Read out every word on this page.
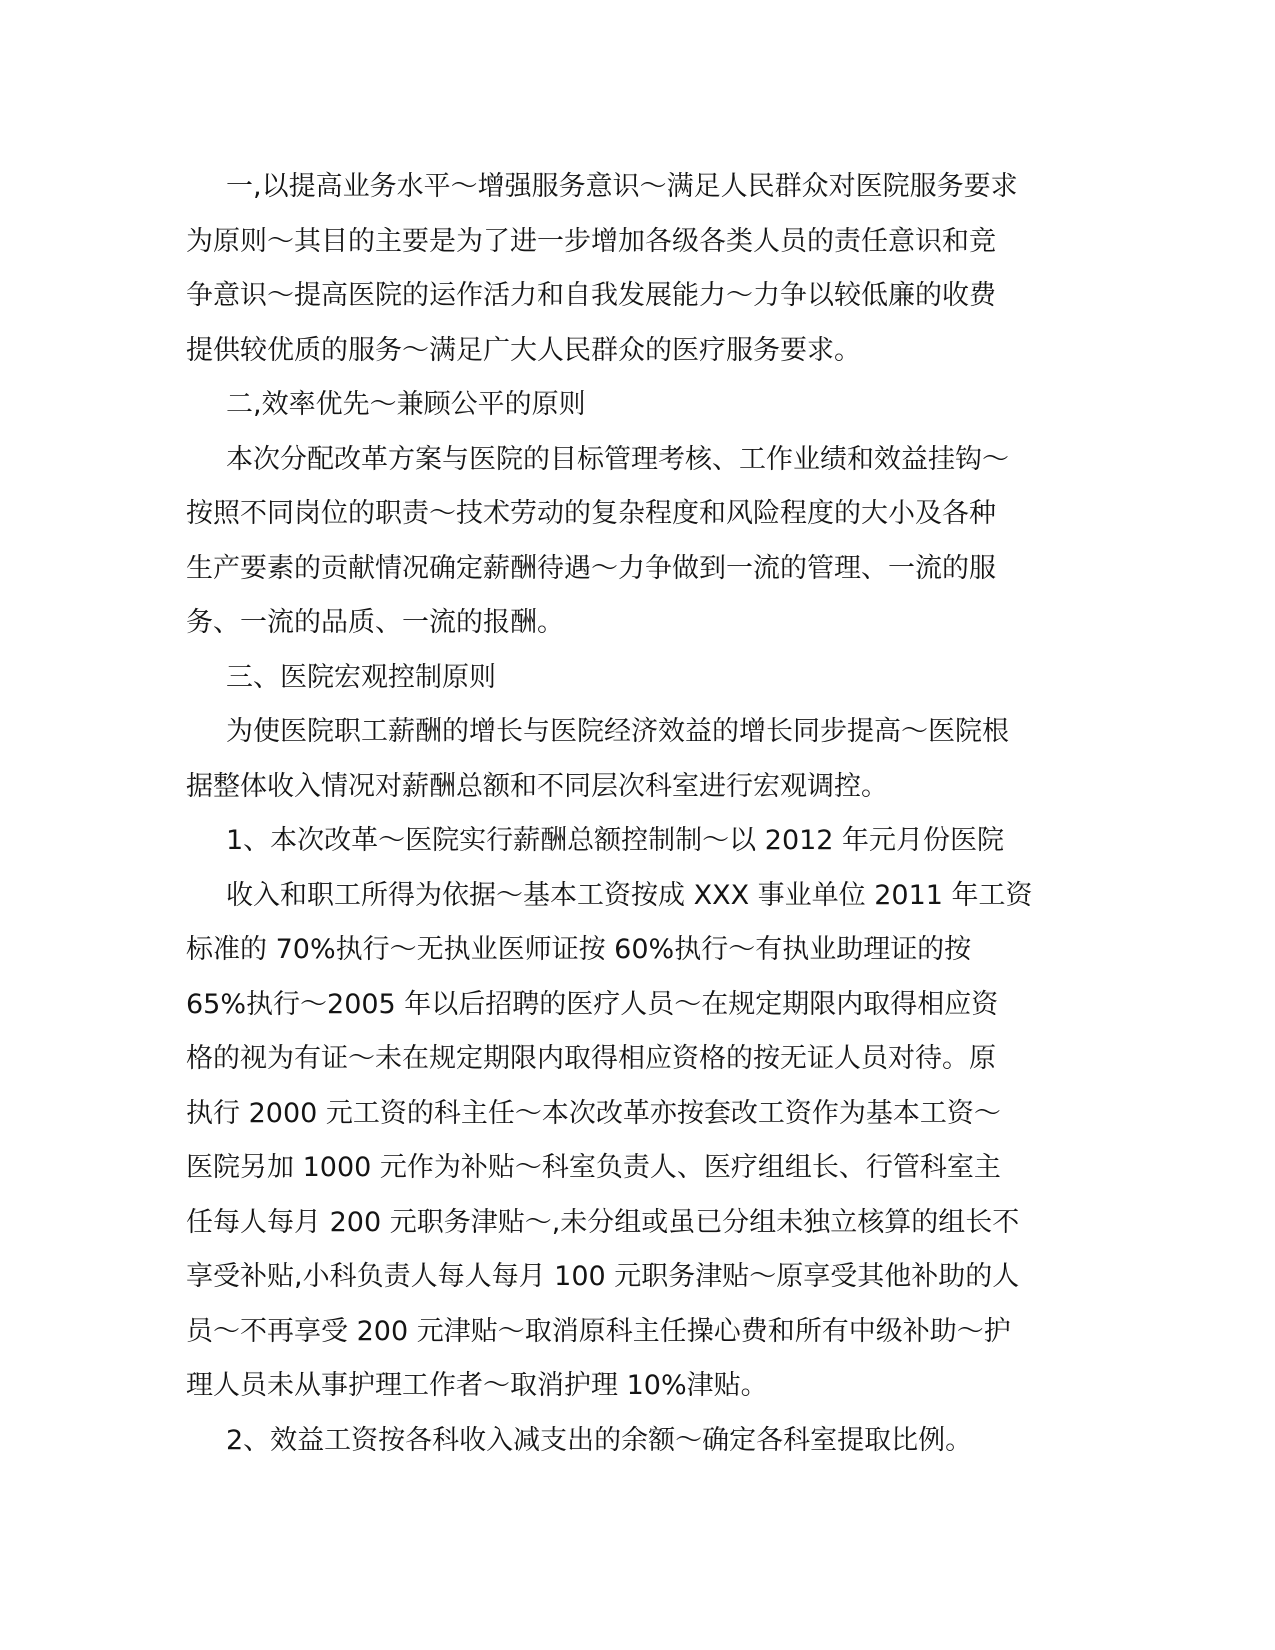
一,以提高业务水平～增强服务意识～满足人民群众对医院服务要求
为原则～其目的主要是为了进一步增加各级各类人员的责任意识和竞
争意识～提高医院的运作活力和自我发展能力～力争以较低廉的收费
提供较优质的服务～满足广大人民群众的医疗服务要求。
二,效率优先～兼顾公平的原则
本次分配改革方案与医院的目标管理考核、工作业绩和效益挂钩～
按照不同岗位的职责～技术劳动的复杂程度和风险程度的大小及各种
生产要素的贡献情况确定薪酬待遇～力争做到一流的管理、一流的服
务、一流的品质、一流的报酬。
三、医院宏观控制原则
为使医院职工薪酬的增长与医院经济效益的增长同步提高～医院根
据整体收入情况对薪酬总额和不同层次科室进行宏观调控。
1、本次改革～医院实行薪酬总额控制制～以 2012 年元月份医院
收入和职工所得为依据～基本工资按成 XXX 事业单位 2011 年工资
标准的 70%执行～无执业医师证按 60%执行～有执业助理证的按
65%执行～2005 年以后招聘的医疗人员～在规定期限内取得相应资
格的视为有证～未在规定期限内取得相应资格的按无证人员对待。原
执行 2000 元工资的科主任～本次改革亦按套改工资作为基本工资～
医院另加 1000 元作为补贴～科室负责人、医疗组组长、行管科室主
任每人每月 200 元职务津贴～,未分组或虽已分组未独立核算的组长不
享受补贴,小科负责人每人每月 100 元职务津贴～原享受其他补助的人
员～不再享受 200 元津贴～取消原科主任操心费和所有中级补助～护
理人员未从事护理工作者～取消护理 10%津贴。
2、效益工资按各科收入减支出的余额～确定各科室提取比例。
